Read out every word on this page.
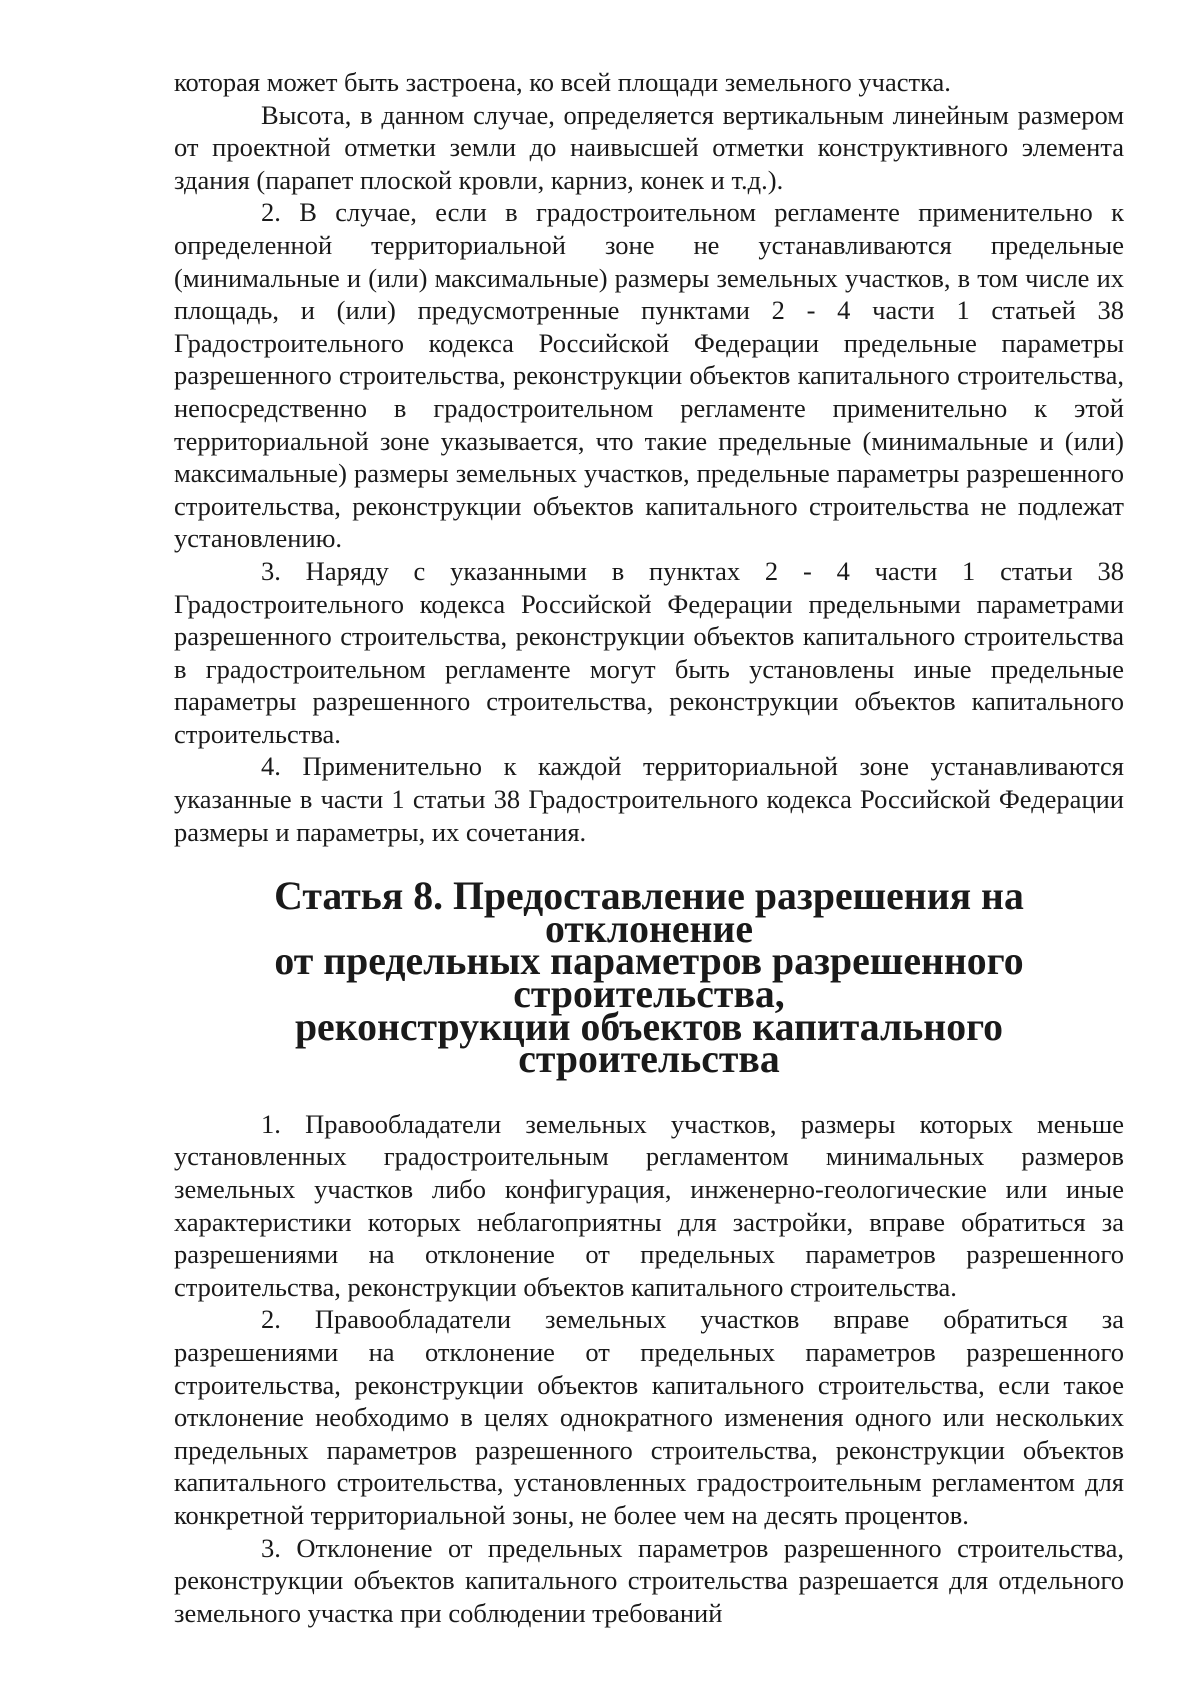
которая может быть застроена, ко всей площади земельного участка.

Высота, в данном случае, определяется вертикальным линейным размером от проектной отметки земли до наивысшей отметки конструктивного элемента здания (парапет плоской кровли, карниз, конек и т.д.).

2. В случае, если в градостроительном регламенте применительно к определенной территориальной зоне не устанавливаются предельные (минимальные и (или) максимальные) размеры земельных участков, в том числе их площадь, и (или) предусмотренные пунктами 2 - 4 части 1 статьей 38 Градостроительного кодекса Российской Федерации предельные параметры разрешенного строительства, реконструкции объектов капитального строительства, непосредственно в градостроительном регламенте применительно к этой территориальной зоне указывается, что такие предельные (минимальные и (или) максимальные) размеры земельных участков, предельные параметры разрешенного строительства, реконструкции объектов капитального строительства не подлежат установлению.

3. Наряду с указанными в пунктах 2 - 4 части 1 статьи 38 Градостроительного кодекса Российской Федерации предельными параметрами разрешенного строительства, реконструкции объектов капитального строительства в градостроительном регламенте могут быть установлены иные предельные параметры разрешенного строительства, реконструкции объектов капитального строительства.

4. Применительно к каждой территориальной зоне устанавливаются указанные в части 1 статьи 38 Градостроительного кодекса Российской Федерации размеры и параметры, их сочетания.

Статья 8. Предоставление разрешения на отклонение
от предельных параметров разрешенного строительства,
реконструкции объектов капитального строительства

1. Правообладатели земельных участков, размеры которых меньше установленных градостроительным регламентом минимальных размеров земельных участков либо конфигурация, инженерно-геологические или иные характеристики которых неблагоприятны для застройки, вправе обратиться за разрешениями на отклонение от предельных параметров разрешенного строительства, реконструкции объектов капитального строительства.

2. Правообладатели земельных участков вправе обратиться за разрешениями на отклонение от предельных параметров разрешенного строительства, реконструкции объектов капитального строительства, если такое отклонение необходимо в целях однократного изменения одного или нескольких предельных параметров разрешенного строительства, реконструкции объектов капитального строительства, установленных градостроительным регламентом для конкретной территориальной зоны, не более чем на десять процентов.

3. Отклонение от предельных параметров разрешенного строительства, реконструкции объектов капитального строительства разрешается для отдельного земельного участка при соблюдении требований
